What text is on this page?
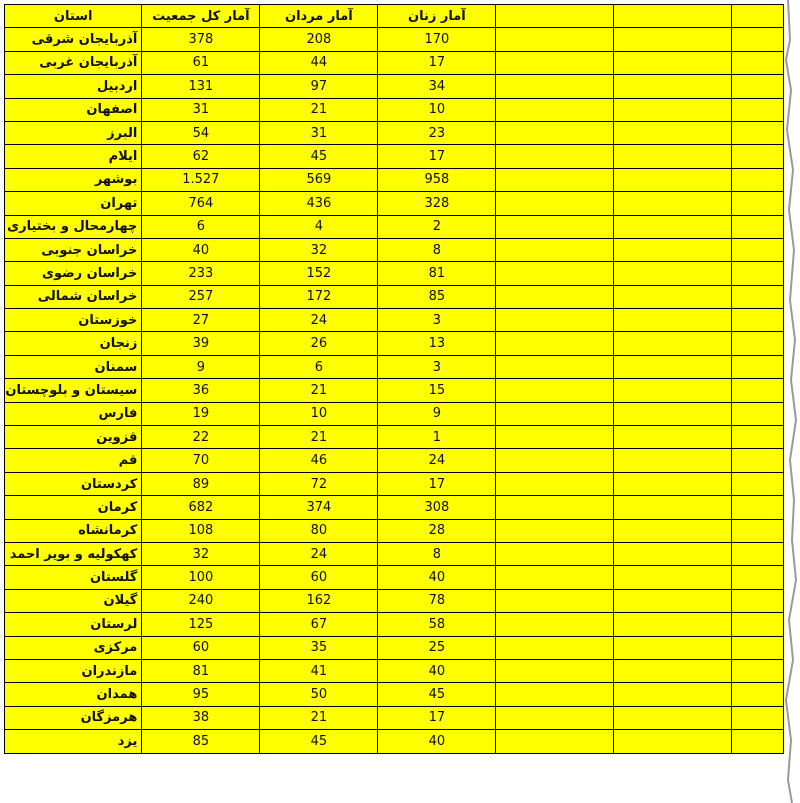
استان	آمار کل جمعیت	آمار مردان	آمار زنان			
آذربایجان شرقی	378	208	170			
آذربایجان غربی	61	44	17			
اردبیل	131	97	34			
اصفهان	31	21	10			
البرز	54	31	23			
ایلام	62	45	17			
بوشهر	1.527	569	958			
تهران	764	436	328			
چهارمحال و بختیاری	6	4	2			
خراسان جنوبی	40	32	8			
خراسان رضوی	233	152	81			
خراسان شمالی	257	172	85			
خوزستان	27	24	3			
زنجان	39	26	13			
سمنان	9	6	3			
سیستان و بلوچستان	36	21	15			
فارس	19	10	9			
قزوین	22	21	1			
قم	70	46	24			
کردستان	89	72	17			
کرمان	682	374	308			
کرمانشاه	108	80	28			
کهکولیه و بویر احمد	32	24	8			
گلستان	100	60	40			
گیلان	240	162	78			
لرستان	125	67	58			
مرکزی	60	35	25			
مازندران	81	41	40			
همدان	95	50	45			
هرمزگان	38	21	17			
یزد	85	45	40			
